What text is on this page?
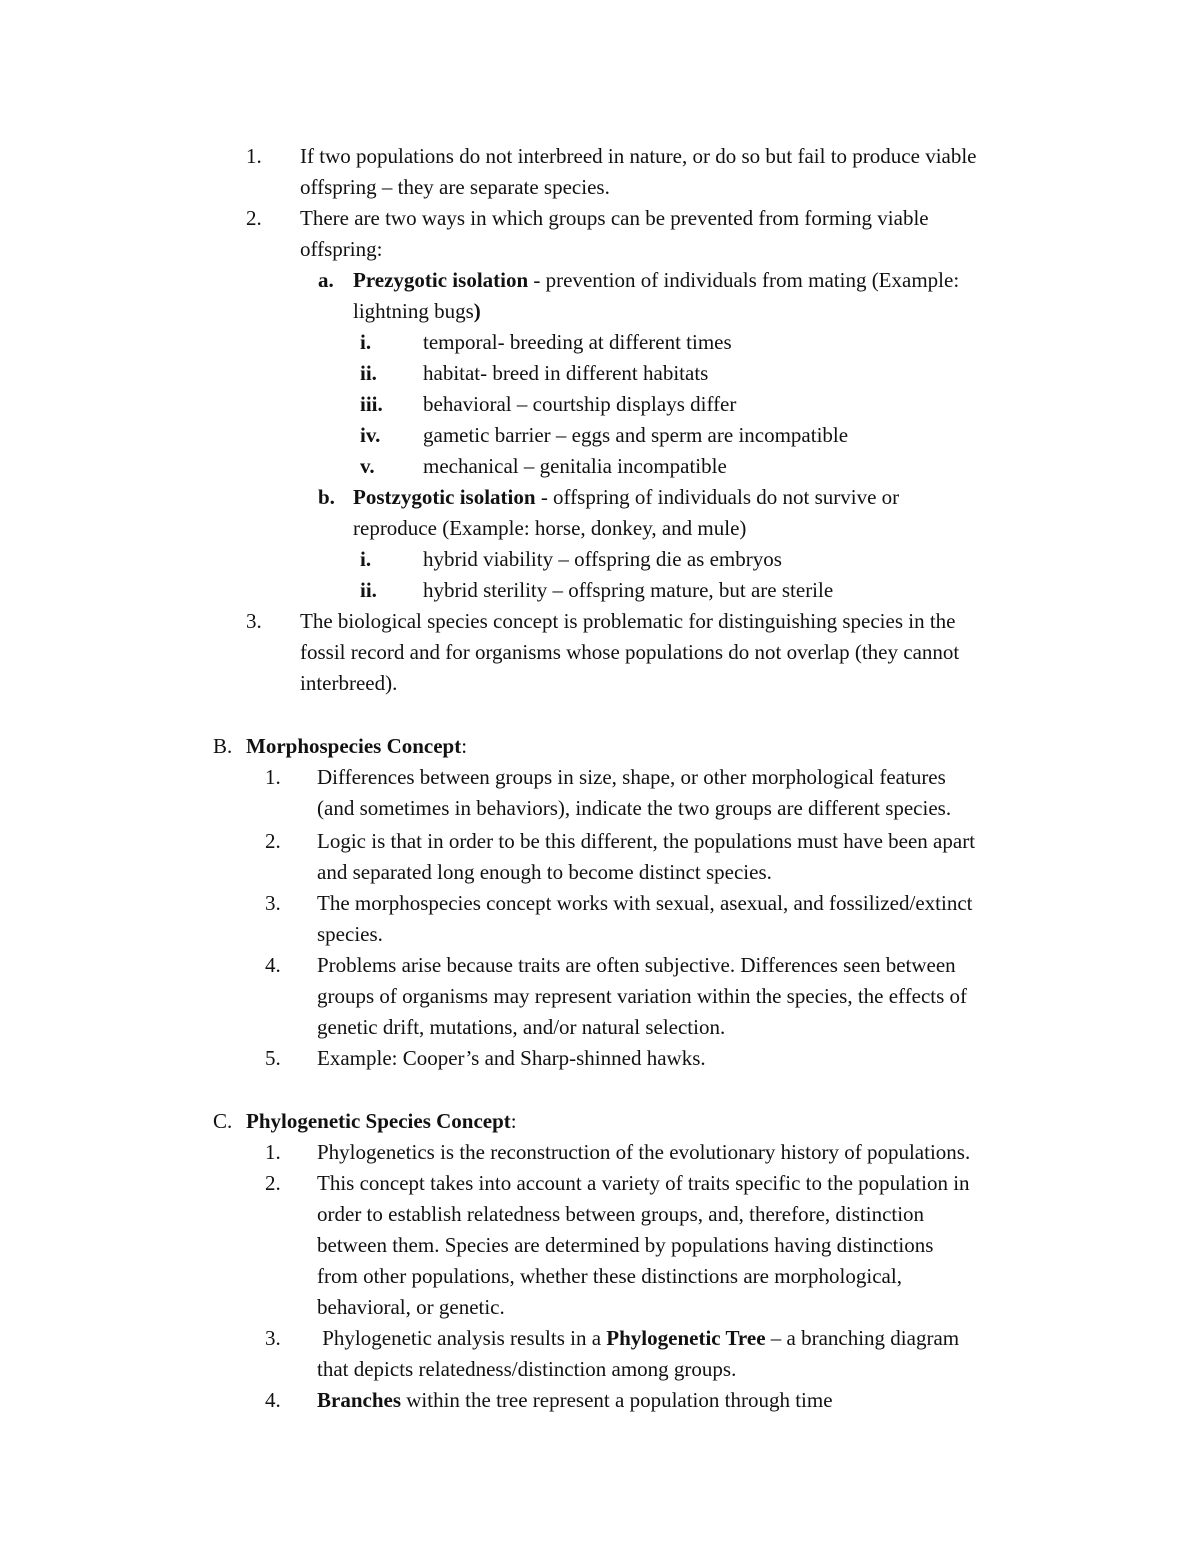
1. If two populations do not interbreed in nature, or do so but fail to produce viable
offspring – they are separate species.
2. There are two ways in which groups can be prevented from forming viable
offspring:
a. Prezygotic isolation - prevention of individuals from mating (Example:
lightning bugs)
i. temporal- breeding at different times
ii. habitat- breed in different habitats
iii. behavioral – courtship displays differ
iv. gametic barrier – eggs and sperm are incompatible
v. mechanical – genitalia incompatible
b. Postzygotic isolation - offspring of individuals do not survive or
reproduce (Example: horse, donkey, and mule)
i. hybrid viability – offspring die as embryos
ii. hybrid sterility – offspring mature, but are sterile
3. The biological species concept is problematic for distinguishing species in the
fossil record and for organisms whose populations do not overlap (they cannot
interbreed).
B. Morphospecies Concept:
1. Differences between groups in size, shape, or other morphological features
(and sometimes in behaviors), indicate the two groups are different species.
2. Logic is that in order to be this different, the populations must have been apart
and separated long enough to become distinct species.
3. The morphospecies concept works with sexual, asexual, and fossilized/extinct
species.
4. Problems arise because traits are often subjective. Differences seen between
groups of organisms may represent variation within the species, the effects of
genetic drift, mutations, and/or natural selection.
5. Example: Cooper’s and Sharp-shinned hawks.
C. Phylogenetic Species Concept:
1. Phylogenetics is the reconstruction of the evolutionary history of populations.
2. This concept takes into account a variety of traits specific to the population in
order to establish relatedness between groups, and, therefore, distinction
between them. Species are determined by populations having distinctions
from other populations, whether these distinctions are morphological,
behavioral, or genetic.
3. Phylogenetic analysis results in a Phylogenetic Tree – a branching diagram
that depicts relatedness/distinction among groups.
4. Branches within the tree represent a population through time
